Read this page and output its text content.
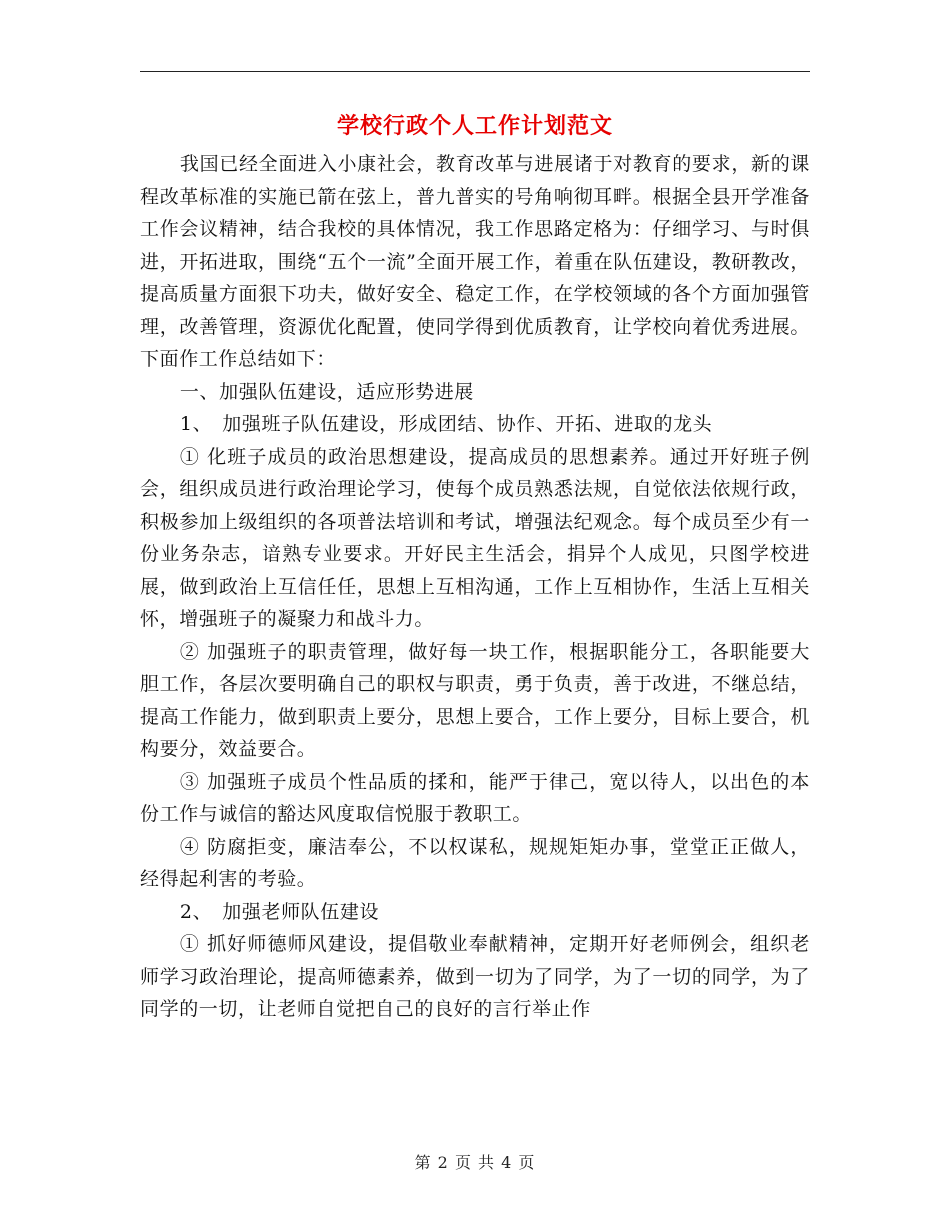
学校行政个人工作计划范文

我国已经全面进入小康社会，教育改革与进展诸于对教育的要求，新的课程改革标准的实施已箭在弦上，普九普实的号角响彻耳畔。根据全县开学准备工作会议精神，结合我校的具体情况，我工作思路定格为：仔细学习、与时俱进，开拓进取，围绕“五个一流”全面开展工作，着重在队伍建设，教研教改，提高质量方面狠下功夫，做好安全、稳定工作，在学校领域的各个方面加强管理，改善管理，资源优化配置，使同学得到优质教育，让学校向着优秀进展。下面作工作总结如下：

一、加强队伍建设，适应形势进展

1、　加强班子队伍建设，形成团结、协作、开拓、进取的龙头

① 化班子成员的政治思想建设，提高成员的思想素养。通过开好班子例会，组织成员进行政治理论学习，使每个成员熟悉法规，自觉依法依规行政，积极参加上级组织的各项普法培训和考试，增强法纪观念。每个成员至少有一份业务杂志，谙熟专业要求。开好民主生活会，捐异个人成见，只图学校进展，做到政治上互信任任，思想上互相沟通，工作上互相协作，生活上互相关怀，增强班子的凝聚力和战斗力。

② 加强班子的职责管理，做好每一块工作，根据职能分工，各职能要大胆工作，各层次要明确自己的职权与职责，勇于负责，善于改进，不继总结，提高工作能力，做到职责上要分，思想上要合，工作上要分，目标上要合，机构要分，效益要合。

③ 加强班子成员个性品质的揉和，能严于律己，宽以待人，以出色的本份工作与诚信的豁达风度取信悦服于教职工。

④ 防腐拒变，廉洁奉公，不以权谋私，规规矩矩办事，堂堂正正做人，经得起利害的考验。

2、　加强老师队伍建设

① 抓好师德师风建设，提倡敬业奉献精神，定期开好老师例会，组织老师学习政治理论，提高师德素养，做到一切为了同学，为了一切的同学，为了同学的一切，让老师自觉把自己的良好的言行举止作

第 2 页 共 4 页
